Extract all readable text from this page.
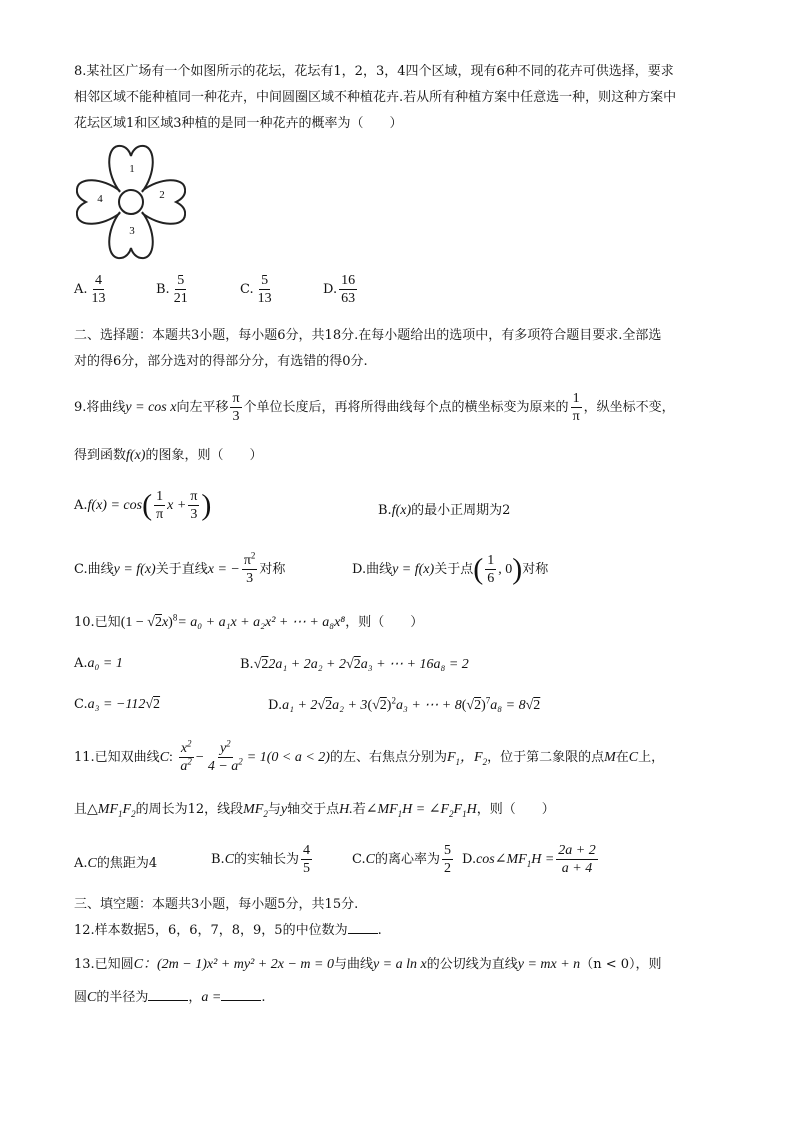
8.某社区广场有一个如图所示的花坛，花坛有1，2，3，4四个区域，现有6种不同的花卉可供选择，要求
相邻区域不能种植同一种花卉，中间圆圈区域不种植花卉.若从所有种植方案中任意选一种，则这种方案中
花坛区域1和区域3种植的是同一种花卉的概率为（　　）
1
2
3
4
A. $\frac{4}{13}$	B. $\frac{5}{21}$	C. $\frac{5}{13}$	D. $\frac{16}{63}$
二、选择题：本题共3小题，每小题6分，共18分.在每小题给出的选项中，有多项符合题目要求.全部选
对的得6分，部分选对的得部分分，有选错的得0分.
9.将曲线y = cos x向左平移 $\frac{\pi}{3}$ 个单位长度后，再将所得曲线每个点的横坐标变为原来的 $\frac{1}{\pi}$ ，纵坐标不变，
得到函数f(x)的图象，则（　　）
$A.f(x) = \cos( \frac{1}{\pi}$ $x + \frac{\pi}{3}$ )	B.f(x)的最小正周期为2
C.曲线y = f(x)关于直线x = − $\frac{\pi^2}{3}$ 对称	D.曲线y = f(x)关于点( $\frac{1}{6}$ , 0)对称
10.已知$(1 - √2x)^8= a_0 + a_1x + a_2x^2$ + ⋯ + a₈x⁸，则（　　）
A.a₀ = 1	B.√22a₁ + 2a₂ + 2√2a₃ + ⋯ + 16a₈ = 2
C.a₃ = −112√2	$D.a_1 + 2√2a_2 + 3(√2)^2a_3$ + ⋯ + $8(√2)^7a_8 = 8√2$
11.已知双曲线C: $\frac{x^2}{a^2} - \frac{y^2}{4 - a^2} = 1(0 < a < 2)$的左、右焦点分别为$F_1$，$F_2$，位于第二象限的点M在C上，
且$\triangle MF_1F_2$的周长为12，线段$MF_2$与y轴交于点H.若$\angle MF_1H$ = $\angle F_2F_1H$，则（　　）
A.C的焦距为4	B.C的实轴长为 $\frac{4}{5}$	C.C的离心率为 $\frac{5}{2}$ $D.\cos\angle MF_1H = \frac{2a + 2}{a + 4}$
三、填空题：本题共3小题，每小题5分，共15分.
12.样本数据5，6，6，7，8，9，5的中位数为 .
13.已知圆C：(2m − 1)x² + my² + 2x − m = 0与曲线y = a ln x的公切线为直线y = mx + n（n < 0），则
圆C的半径为	，a =	.
